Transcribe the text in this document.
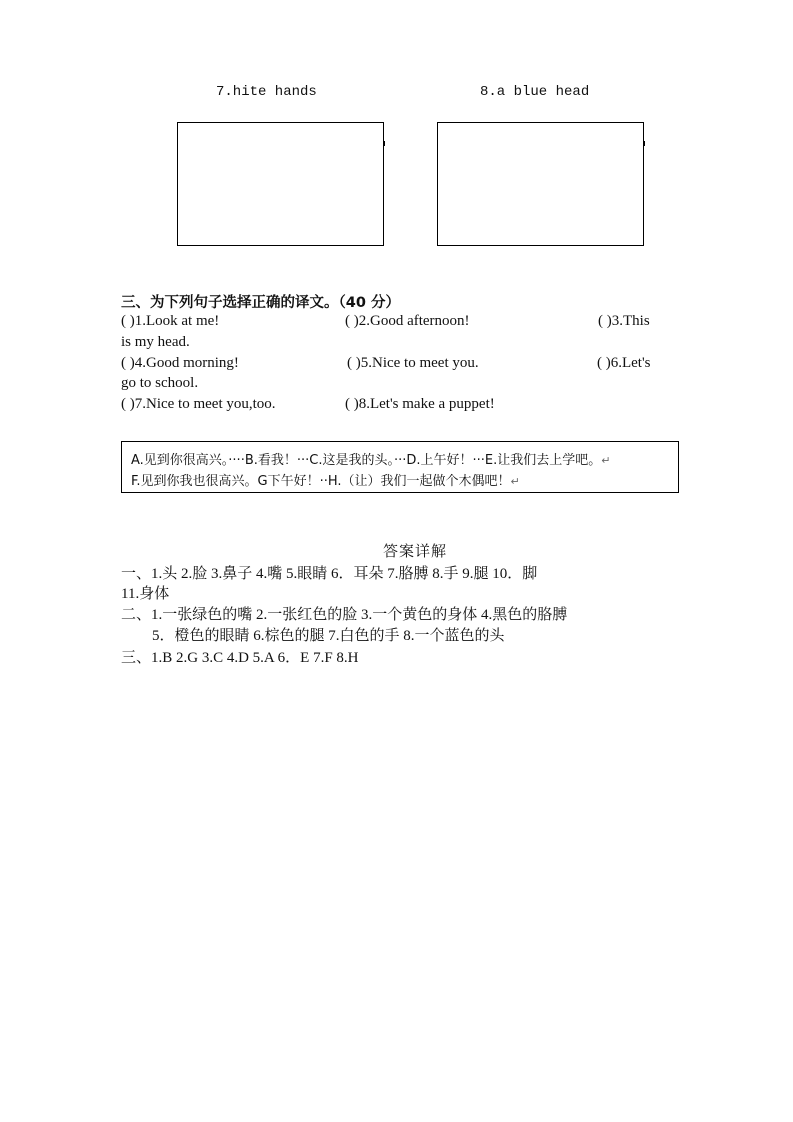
7.hite hands	8.a blue head
三、为下列句子选择正确的译文。（40 分）
( )1.Look at me!	( )2.Good afternoon!	( )3.This
is my head.
( )4.Good morning!	( )5.Nice to meet you.	( )6.Let's
go to school.
( )7.Nice to meet you,too.	( )8.Let's make a puppet!
A.见到你很高兴。····B.看我！···C.这是我的头。···D.上午好！···E.让我们去上学吧。↵
F.见到你我也很高兴。G下午好！··H.（让）我们一起做个木偶吧！↵
答案详解
一、1.头 2.脸 3.鼻子 4.嘴 5.眼睛 6．耳朵 7.胳膊 8.手 9.腿 10．脚
11.身体
二、1.一张绿色的嘴 2.一张红色的脸 3.一个黄色的身体 4.黑色的胳膊
5．橙色的眼睛 6.棕色的腿 7.白色的手 8.一个蓝色的头
三、1.B 2.G 3.C 4.D 5.A 6．E 7.F 8.H
